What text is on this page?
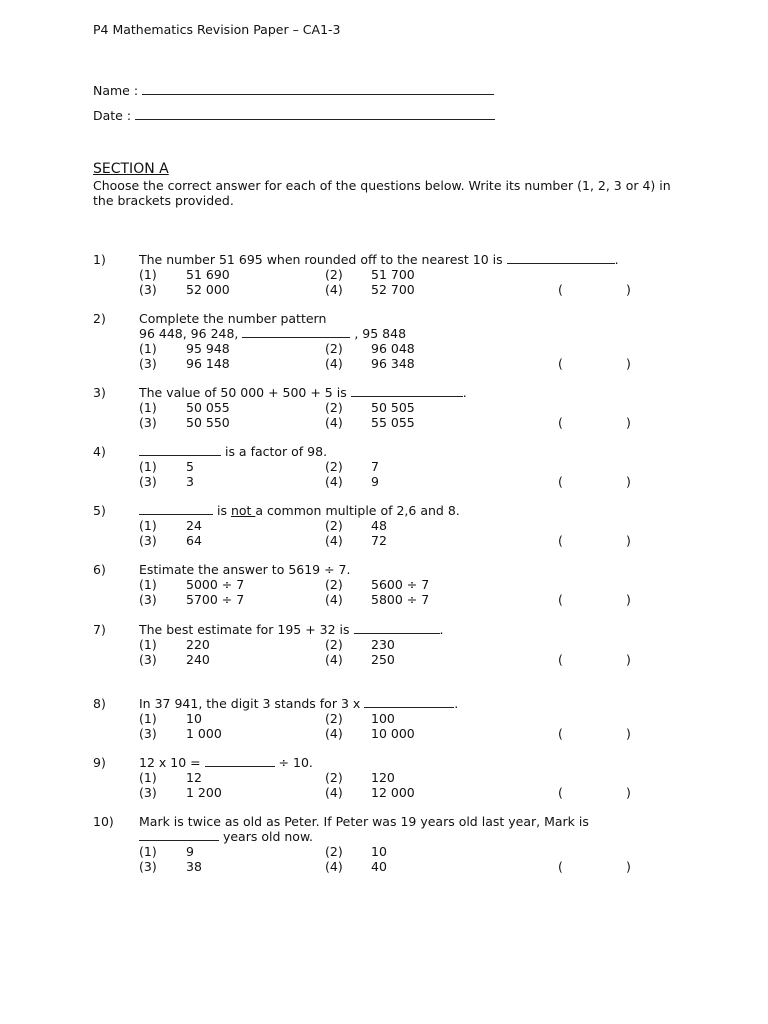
P4 Mathematics Revision Paper – CA1-3
Name :
Date :
SECTION A
Choose the correct answer for each of the questions below. Write its number (1, 2, 3 or 4) in the brackets provided.
1)	The number 51 695 when rounded off to the nearest 10 is	.
(1) 51 690	(2) 51 700
(3) 52 000	(4) 52 700	(	)
2)	Complete the number pattern
96 448, 96 248,	, 95 848
(1) 95 948	(2) 96 048
(3) 96 148	(4) 96 348	(	)
3)	The value of 50 000 + 500 + 5 is	.
(1) 50 055	(2) 50 505
(3) 50 550	(4) 55 055	(	)
4)	is a factor of 98.
(1) 5	(2) 7
(3) 3	(4) 9	(	)
5)	is not a common multiple of 2,6 and 8.
(1) 24	(2) 48
(3) 64	(4) 72	(	)
6)	Estimate the answer to 5619 ÷ 7.
(1) 5000 ÷ 7	(2) 5600 ÷ 7
(3) 5700 ÷ 7	(4) 5800 ÷ 7	(	)
7)	The best estimate for 195 + 32 is	.
(1) 220	(2) 230
(3) 240	(4) 250	(	)
8)	In 37 941, the digit 3 stands for 3 x	.
(1) 10	(2) 100
(3) 1 000	(4) 10 000	(	)
9)	12 x 10 =	÷ 10.
(1) 12	(2) 120
(3) 1 200	(4) 12 000	(	)
10) Mark is twice as old as Peter. If Peter was 19 years old last year, Mark is
years old now.
(1) 9	(2) 10
(3) 38	(4) 40	(	)
